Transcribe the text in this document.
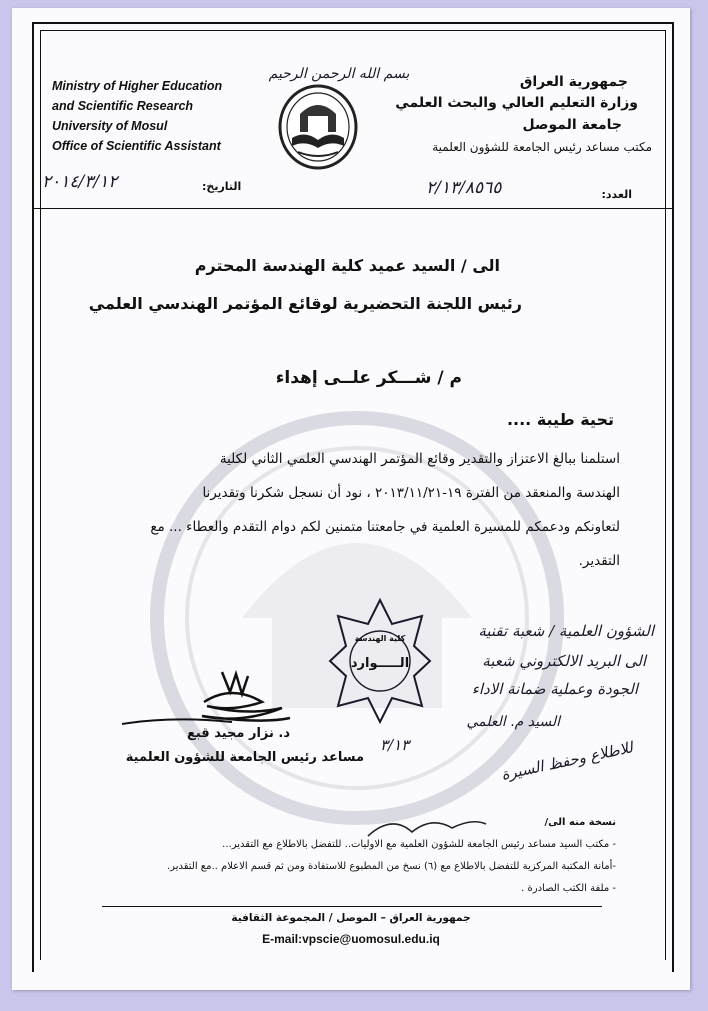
Ministry of Higher Education
and Scientific Research
University of Mosul
Office of Scientific Assistant
بسم الله الرحمن الرحيم	جمهورية العراق
وزارة التعليم العالي والبحث العلمي
جامعة الموصل
مكتب مساعد رئيس الجامعة للشؤون العلمية
التاريخ:
٢٠١٤/٣/١٢
العدد:
٢/١٣/٨٥٦٥
الى / السيد عميد كلية الهندسة المحترم
رئيس اللجنة التحضيرية لوقائع المؤتمر الهندسي العلمي
م / شـــكر علــى إهداء
تحية طيبة ....

استلمنا ببالغ الاعتزاز والتقدير وقائع المؤتمر الهندسي العلمي الثاني لكلية

الهندسة والمنعقد من الفترة ١٩-٢٠١٣/١١/٢١ ، نود أن نسجل شكرنا وتقديرنا

لتعاونكم ودعمكم للمسيرة العلمية في جامعتنا متمنين لكم دوام التقدم والعطاء ... مع

التقدير.

كلية الهندسة
الـــــوارد
الشؤون العلمية / شعبة تقنية
الى البريد الالكتروني شعبة
الجودة وعملية ضمانة الاداء
السيد م. العلمي
للاطلاع وحفظ السيرة
٣/١٣
د. نزار مجيد قبع
مساعد رئيس الجامعة للشؤون العلمية
نسخة منه الى/
- مكتب السيد مساعد رئيس الجامعة للشؤون العلمية مع الاوليات.. للتفضل بالاطلاع مع التقدير...
-أمانة المكتبة المركزية للتفضل بالاطلاع مع (٦) نسخ من المطبوع للاستفادة ومن ثم قسم الاعلام ..مع التقدير.
- ملفة الكتب الصادرة .
جمهورية العراق – الموصل / المجموعة الثقافية
E-mail:vpscie@uomosul.edu.iq
